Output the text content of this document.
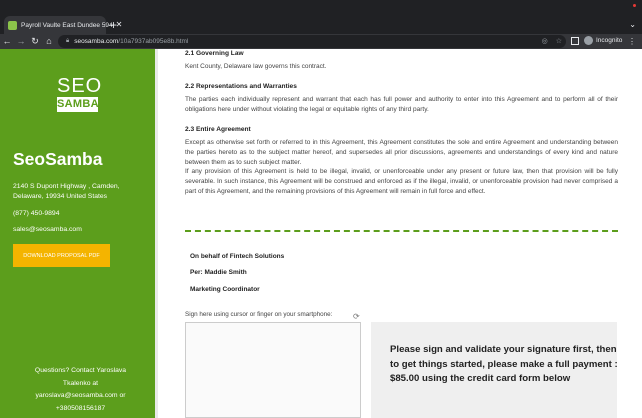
Payroll Vaulte East Dundee 594 ✕
+	⌄
← → ↻ ⌂	🔒︎ seosamba.com /10a7937ab095e8b.html	◎ ☆	Incognito ⋮
SEO
SAMBA
SeoSamba
2140 S Dupont Highway , Camden, Delaware, 19934 United States
(877) 450-9894
sales@seosamba.com
DOWNLOAD PROPOSAL PDF
Questions? Contact Yaroslava Tkalenko at yaroslava@seosamba.com or +380508156187
2.1 Governing Law
Kent County, Delaware law governs this contract.
2.2 Representations and Warranties
The parties each individually represent and warrant that each has full power and authority to enter into this Agreement and to perform all of their obligations here under without violating the legal or equitable rights of any third party.
2.3 Entire Agreement
Except as otherwise set forth or referred to in this Agreement, this Agreement constitutes the sole and entire Agreement and understanding between the parties hereto as to the subject matter hereof, and supersedes all prior discussions, agreements and understandings of every kind and nature between them as to such subject matter.
If any provision of this Agreement is held to be illegal, invalid, or unenforceable under any present or future law, then that provision will be fully severable. In such instance, this Agreement will be construed and enforced as if the illegal, invalid, or unenforceable provision had never comprised a part of this Agreement, and the remaining provisions of this Agreement will remain in full force and effect.
On behalf of Fintech Solutions
Per: Maddie Smith
Marketing Coordinator
Sign here using cursor or finger on your smartphone:	⟳
Please sign and validate your signature first, then to get things started, please make a full payment : $85.00 using the credit card form below
